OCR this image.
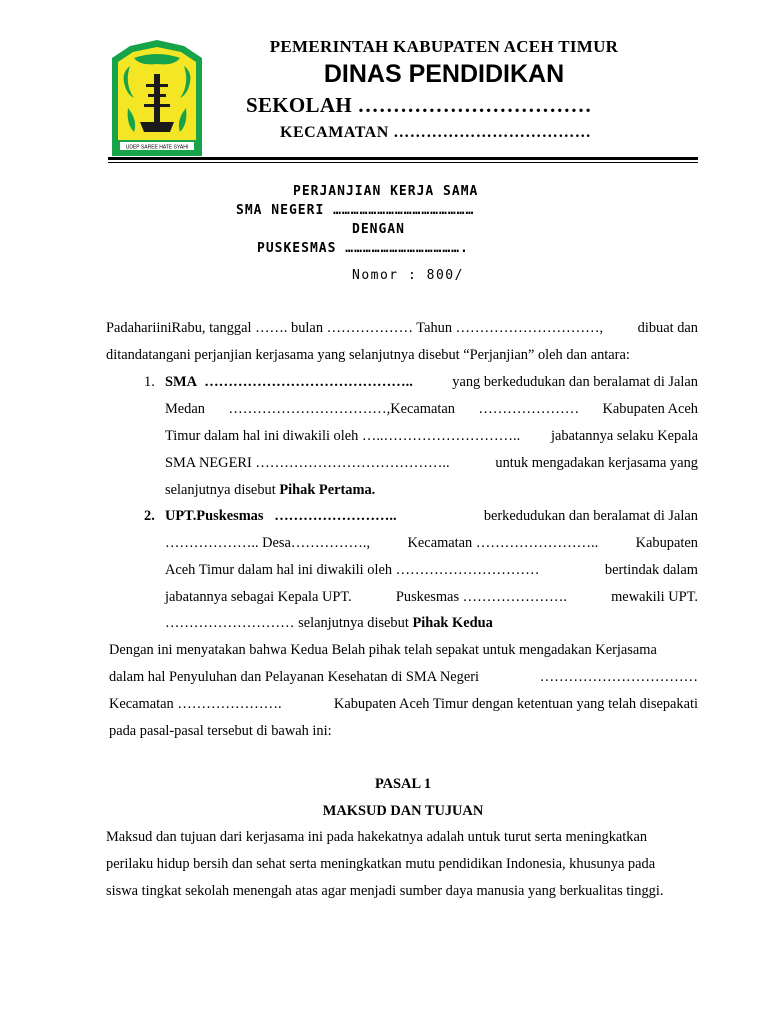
UDEP SAREE HATE SYAHI
PEMERINTAH KABUPATEN ACEH TIMUR
DINAS PENDIDIKAN
SEKOLAH ……………………………
KECAMATAN ………………………………
PERJANJIAN KERJA SAMA
SMA NEGERI …………………………………………
DENGAN
PUSKESMAS ………………………………….
Nomor : 800/
PadahariiniRabu, tanggal ……. bulan ……………… Tahun …………………………, dibuat dan
ditandatangani perjanjian kerjasama yang selanjutnya disebut “Perjanjian” oleh dan antara:
1. SMA ……………………………………..	yang berkedudukan dan beralamat di Jalan
Medan ……………………………,Kecamatan ………………… Kabupaten Aceh
Timur dalam hal ini diwakili oleh …..……………………….. jabatannya selaku Kepala
SMA NEGERI …………………………………..	untuk mengadakan kerjasama yang
selanjutnya disebut Pihak Pertama.
2. UPT.Puskesmas ……………………..	berkedudukan dan beralamat di Jalan
……………….. Desa…………….,	Kecamatan ……………………..	Kabupaten
Aceh Timur dalam hal ini diwakili oleh …………………………	bertindak dalam
jabatannya sebagai Kepala UPT.	Puskesmas ………………….	mewakili UPT.
……………………… selanjutnya disebut Pihak Kedua
Dengan ini menyatakan bahwa Kedua Belah pihak telah sepakat untuk mengadakan Kerjasama
dalam hal Penyuluhan dan Pelayanan Kesehatan di SMA Negeri	……………………………
Kecamatan ………………….	Kabupaten Aceh Timur dengan ketentuan yang telah disepakati
pada pasal-pasal tersebut di bawah ini:
PASAL 1
MAKSUD DAN TUJUAN
Maksud dan tujuan dari kerjasama ini pada hakekatnya adalah untuk turut serta meningkatkan
perilaku hidup bersih dan sehat serta meningkatkan mutu pendidikan Indonesia, khusunya pada
siswa tingkat sekolah menengah atas agar menjadi sumber daya manusia yang berkualitas tinggi.
